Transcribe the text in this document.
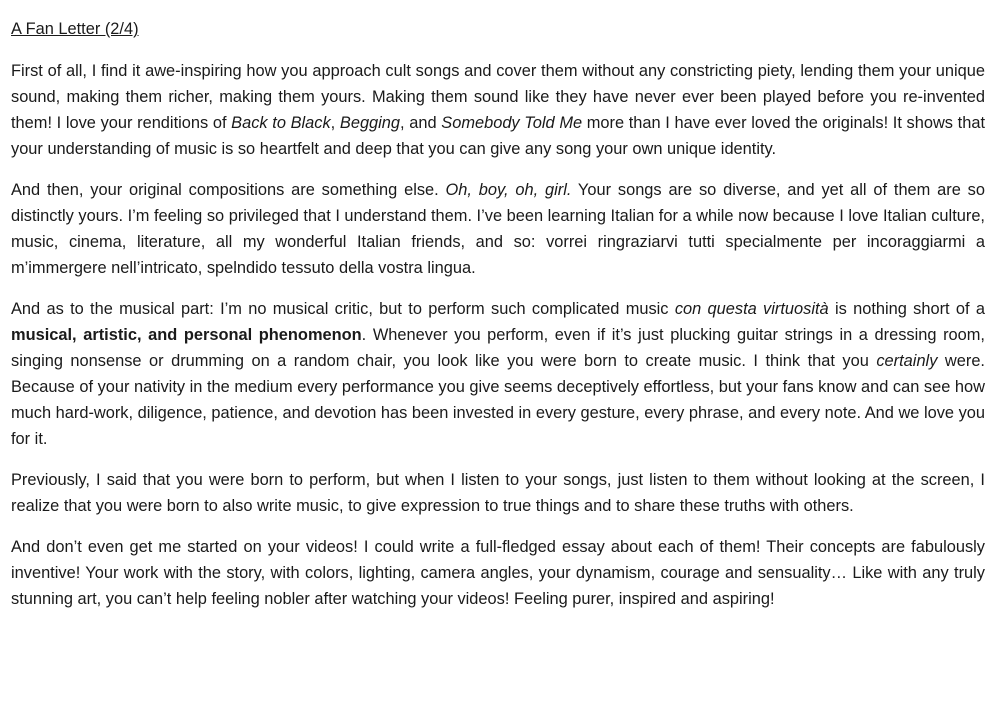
A Fan Letter (2/4)

First of all, I find it awe-inspiring how you approach cult songs and cover them without any constricting piety, lending them your unique sound, making them richer, making them yours. Making them sound like they have never ever been played before you re-invented them! I love your renditions of Back to Black, Begging, and Somebody Told Me more than I have ever loved the originals! It shows that your understanding of music is so heartfelt and deep that you can give any song your own unique identity.

And then, your original compositions are something else. Oh, boy, oh, girl. Your songs are so diverse, and yet all of them are so distinctly yours. I’m feeling so privileged that I understand them. I’ve been learning Italian for a while now because I love Italian culture, music, cinema, literature, all my wonderful Italian friends, and so: vorrei ringraziarvi tutti specialmente per incoraggiarmi a m’immergere nell’intricato, spelndido tessuto della vostra lingua.

And as to the musical part: I’m no musical critic, but to perform such complicated music con questa virtuosità is nothing short of a musical, artistic, and personal phenomenon. Whenever you perform, even if it’s just plucking guitar strings in a dressing room, singing nonsense or drumming on a random chair, you look like you were born to create music. I think that you certainly were. Because of your nativity in the medium every performance you give seems deceptively effortless, but your fans know and can see how much hard-work, diligence, patience, and devotion has been invested in every gesture, every phrase, and every note. And we love you for it.

Previously, I said that you were born to perform, but when I listen to your songs, just listen to them without looking at the screen, I realize that you were born to also write music, to give expression to true things and to share these truths with others.

And don’t even get me started on your videos! I could write a full-fledged essay about each of them! Their concepts are fabulously inventive! Your work with the story, with colors, lighting, camera angles, your dynamism, courage and sensuality… Like with any truly stunning art, you can’t help feeling nobler after watching your videos! Feeling purer, inspired and aspiring!
